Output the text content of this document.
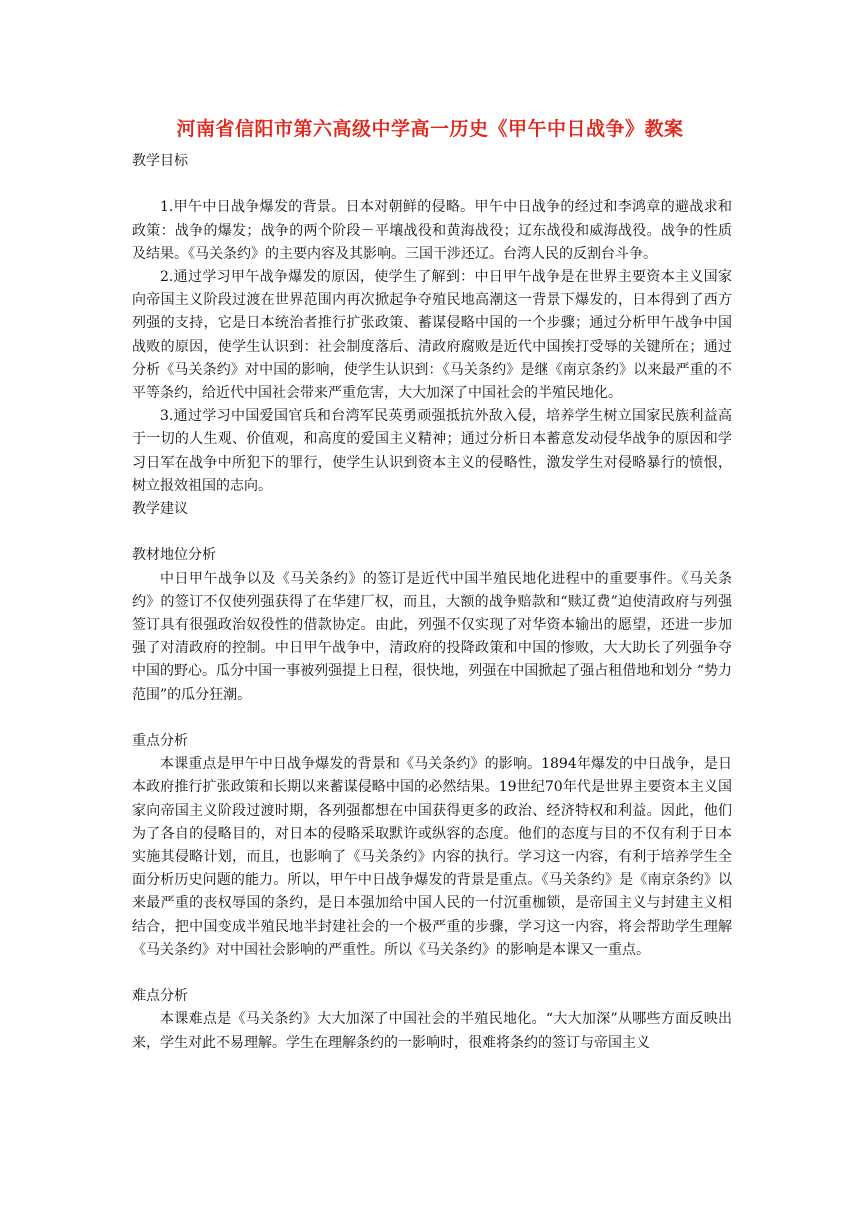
河南省信阳市第六高级中学高一历史《甲午中日战争》教案

教学目标

1.甲午中日战争爆发的背景。日本对朝鲜的侵略。甲午中日战争的经过和李鸿章的避战求和政策：战争的爆发；战争的两个阶段－平壤战役和黄海战役；辽东战役和威海战役。战争的性质及结果。《马关条约》的主要内容及其影响。三国干涉还辽。台湾人民的反割台斗争。

2.通过学习甲午战争爆发的原因，使学生了解到：中日甲午战争是在世界主要资本主义国家向帝国主义阶段过渡在世界范围内再次掀起争夺殖民地高潮这一背景下爆发的，日本得到了西方列强的支持，它是日本统治者推行扩张政策、蓄谋侵略中国的一个步骤；通过分析甲午战争中国战败的原因，使学生认识到：社会制度落后、清政府腐败是近代中国挨打受辱的关键所在；通过分析《马关条约》对中国的影响，使学生认识到：《马关条约》是继《南京条约》以来最严重的不平等条约，给近代中国社会带来严重危害，大大加深了中国社会的半殖民地化。

3.通过学习中国爱国官兵和台湾军民英勇顽强抵抗外敌入侵，培养学生树立国家民族利益高于一切的人生观、价值观，和高度的爱国主义精神；通过分析日本蓄意发动侵华战争的原因和学习日军在战争中所犯下的罪行，使学生认识到资本主义的侵略性，激发学生对侵略暴行的愤恨，树立报效祖国的志向。

教学建议

教材地位分析

中日甲午战争以及《马关条约》的签订是近代中国半殖民地化进程中的重要事件。《马关条约》的签订不仅使列强获得了在华建厂权，而且，大额的战争赔款和“赎辽费”迫使清政府与列强签订具有很强政治奴役性的借款协定。由此，列强不仅实现了对华资本输出的愿望，还进一步加强了对清政府的控制。中日甲午战争中，清政府的投降政策和中国的惨败，大大助长了列强争夺中国的野心。瓜分中国一事被列强提上日程，很快地，列强在中国掀起了强占租借地和划分 “势力范围”的瓜分狂潮。

重点分析

本课重点是甲午中日战争爆发的背景和《马关条约》的影响。1894年爆发的中日战争，是日本政府推行扩张政策和长期以来蓄谋侵略中国的必然结果。19世纪70年代是世界主要资本主义国家向帝国主义阶段过渡时期，各列强都想在中国获得更多的政治、经济特权和利益。因此，他们为了各自的侵略目的，对日本的侵略采取默许或纵容的态度。他们的态度与目的不仅有利于日本实施其侵略计划，而且，也影响了《马关条约》内容的执行。学习这一内容，有利于培养学生全面分析历史问题的能力。所以，甲午中日战争爆发的背景是重点。《马关条约》是《南京条约》以来最严重的丧权辱国的条约，是日本强加给中国人民的一付沉重枷锁，是帝国主义与封建主义相结合，把中国变成半殖民地半封建社会的一个极严重的步骤，学习这一内容，将会帮助学生理解《马关条约》对中国社会影响的严重性。所以《马关条约》的影响是本课又一重点。

难点分析

本课难点是《马关条约》大大加深了中国社会的半殖民地化。“大大加深”从哪些方面反映出来，学生对此不易理解。学生在理解条约的一影响时，很难将条约的签订与帝国主义
